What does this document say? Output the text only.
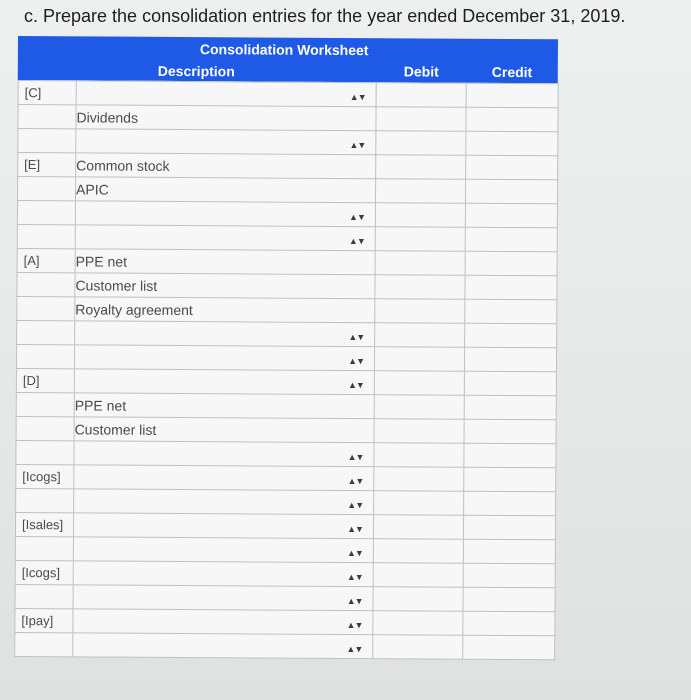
c. Prepare the consolidation entries for the year ended December 31, 2019.
Consolidation Worksheet
Description	Debit	Credit
[C]	▲▼		
	Dividends		
	▲▼		
[E]	Common stock		
	APIC		
	▲▼		
	▲▼		
[A]	PPE net		
	Customer list		
	Royalty agreement		
	▲▼		
	▲▼		
[D]	▲▼		
	PPE net		
	Customer list		
	▲▼		
[Icogs]	▲▼		
	▲▼		
[Isales]	▲▼		
	▲▼		
[Icogs]	▲▼		
	▲▼		
[Ipay]	▲▼		
	▲▼		
